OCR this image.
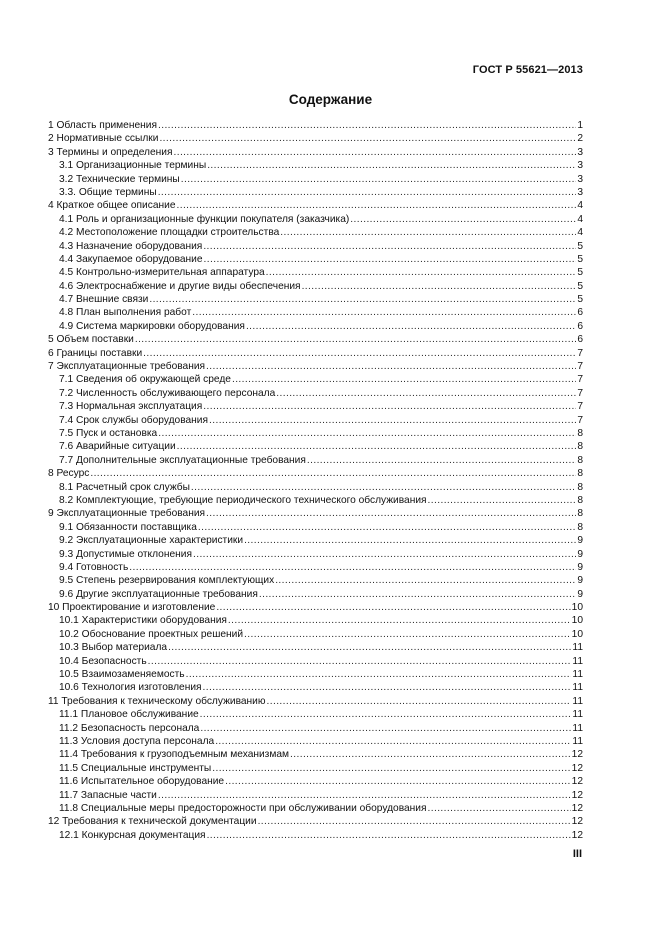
ГОСТ Р 55621—2013
Содержание
1 Область применения .....	1
2 Нормативные ссылки .....	2
3 Термины и определения .....	3
3.1 Организационные термины .....	3
3.2 Технические термины .....	3
3.3. Общие термины .....	3
4 Краткое общее описание .....	4
4.1 Роль и организационные функции покупателя (заказчика) .....	4
4.2 Местоположение площадки строительства .....	4
4.3 Назначение оборудования .....	5
4.4 Закупаемое оборудование .....	5
4.5 Контрольно-измерительная аппаратура .....	5
4.6 Электроснабжение и другие виды обеспечения .....	5
4.7 Внешние связи .....	5
4.8 План выполнения работ .....	6
4.9 Система маркировки оборудования .....	6
5 Объем поставки .....	6
6 Границы поставки .....	7
7 Эксплуатационные требования .....	7
7.1 Сведения об окружающей среде .....	7
7.2 Численность обслуживающего персонала .....	7
7.3 Нормальная эксплуатация .....	7
7.4 Срок службы оборудования .....	7
7.5 Пуск и остановка .....	8
7.6 Аварийные ситуации .....	8
7.7 Дополнительные эксплуатационные требования .....	8
8 Ресурс .....	8
8.1 Расчетный срок службы .....	8
8.2 Комплектующие, требующие периодического технического обслуживания .....	8
9 Эксплуатационные требования .....	8
9.1 Обязанности поставщика .....	8
9.2 Эксплуатационные характеристики .....	9
9.3 Допустимые отклонения .....	9
9.4 Готовность .....	9
9.5 Степень резервирования комплектующих .....	9
9.6 Другие эксплуатационные требования .....	9
10 Проектирование и изготовление .....	10
10.1 Характеристики оборудования .....	10
10.2 Обоснование проектных решений .....	10
10.3 Выбор материала .....	11
10.4 Безопасность .....	11
10.5 Взаимозаменяемость .....	11
10.6 Технология изготовления .....	11
11 Требования к техническому обслуживанию .....	11
11.1 Плановое обслуживание .....	11
11.2 Безопасность персонала .....	11
11.3 Условия доступа персонала .....	11
11.4 Требования к грузоподъемным механизмам .....	12
11.5 Специальные инструменты .....	12
11.6 Испытательное оборудование .....	12
11.7 Запасные части .....	12
11.8 Специальные меры предосторожности при обслуживании оборудования .....	12
12 Требования к технической документации .....	12
12.1 Конкурсная документация .....	12
III
